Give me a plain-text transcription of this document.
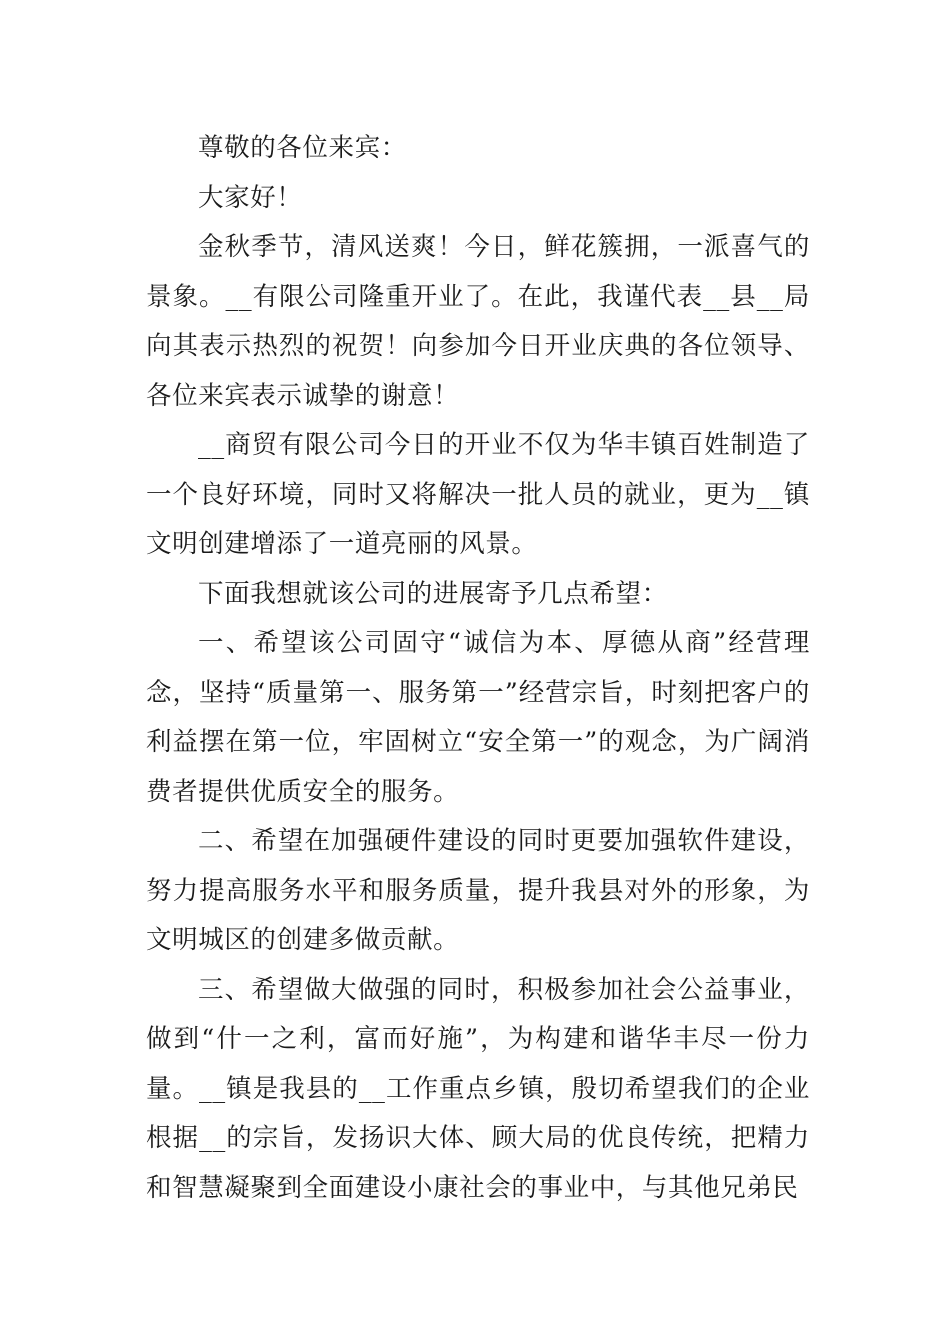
尊敬的各位来宾：

大家好！

金秋季节，清风送爽！今日，鲜花簇拥，一派喜气的景象。__有限公司隆重开业了。在此，我谨代表__县__局向其表示热烈的祝贺！向参加今日开业庆典的各位领导、各位来宾表示诚挚的谢意！

__商贸有限公司今日的开业不仅为华丰镇百姓制造了一个良好环境，同时又将解决一批人员的就业，更为__镇文明创建增添了一道亮丽的风景。

下面我想就该公司的进展寄予几点希望：

一、希望该公司固守“诚信为本、厚德从商”经营理念，坚持“质量第一、服务第一”经营宗旨，时刻把客户的利益摆在第一位，牢固树立“安全第一”的观念，为广阔消费者提供优质安全的服务。

二、希望在加强硬件建设的同时更要加强软件建设，努力提高服务水平和服务质量，提升我县对外的形象，为文明城区的创建多做贡献。

三、希望做大做强的同时，积极参加社会公益事业，做到“什一之利，富而好施”，为构建和谐华丰尽一份力量。__镇是我县的__工作重点乡镇，殷切希望我们的企业根据__的宗旨，发扬识大体、顾大局的优良传统，把精力和智慧凝聚到全面建设小康社会的事业中，与其他兄弟民
